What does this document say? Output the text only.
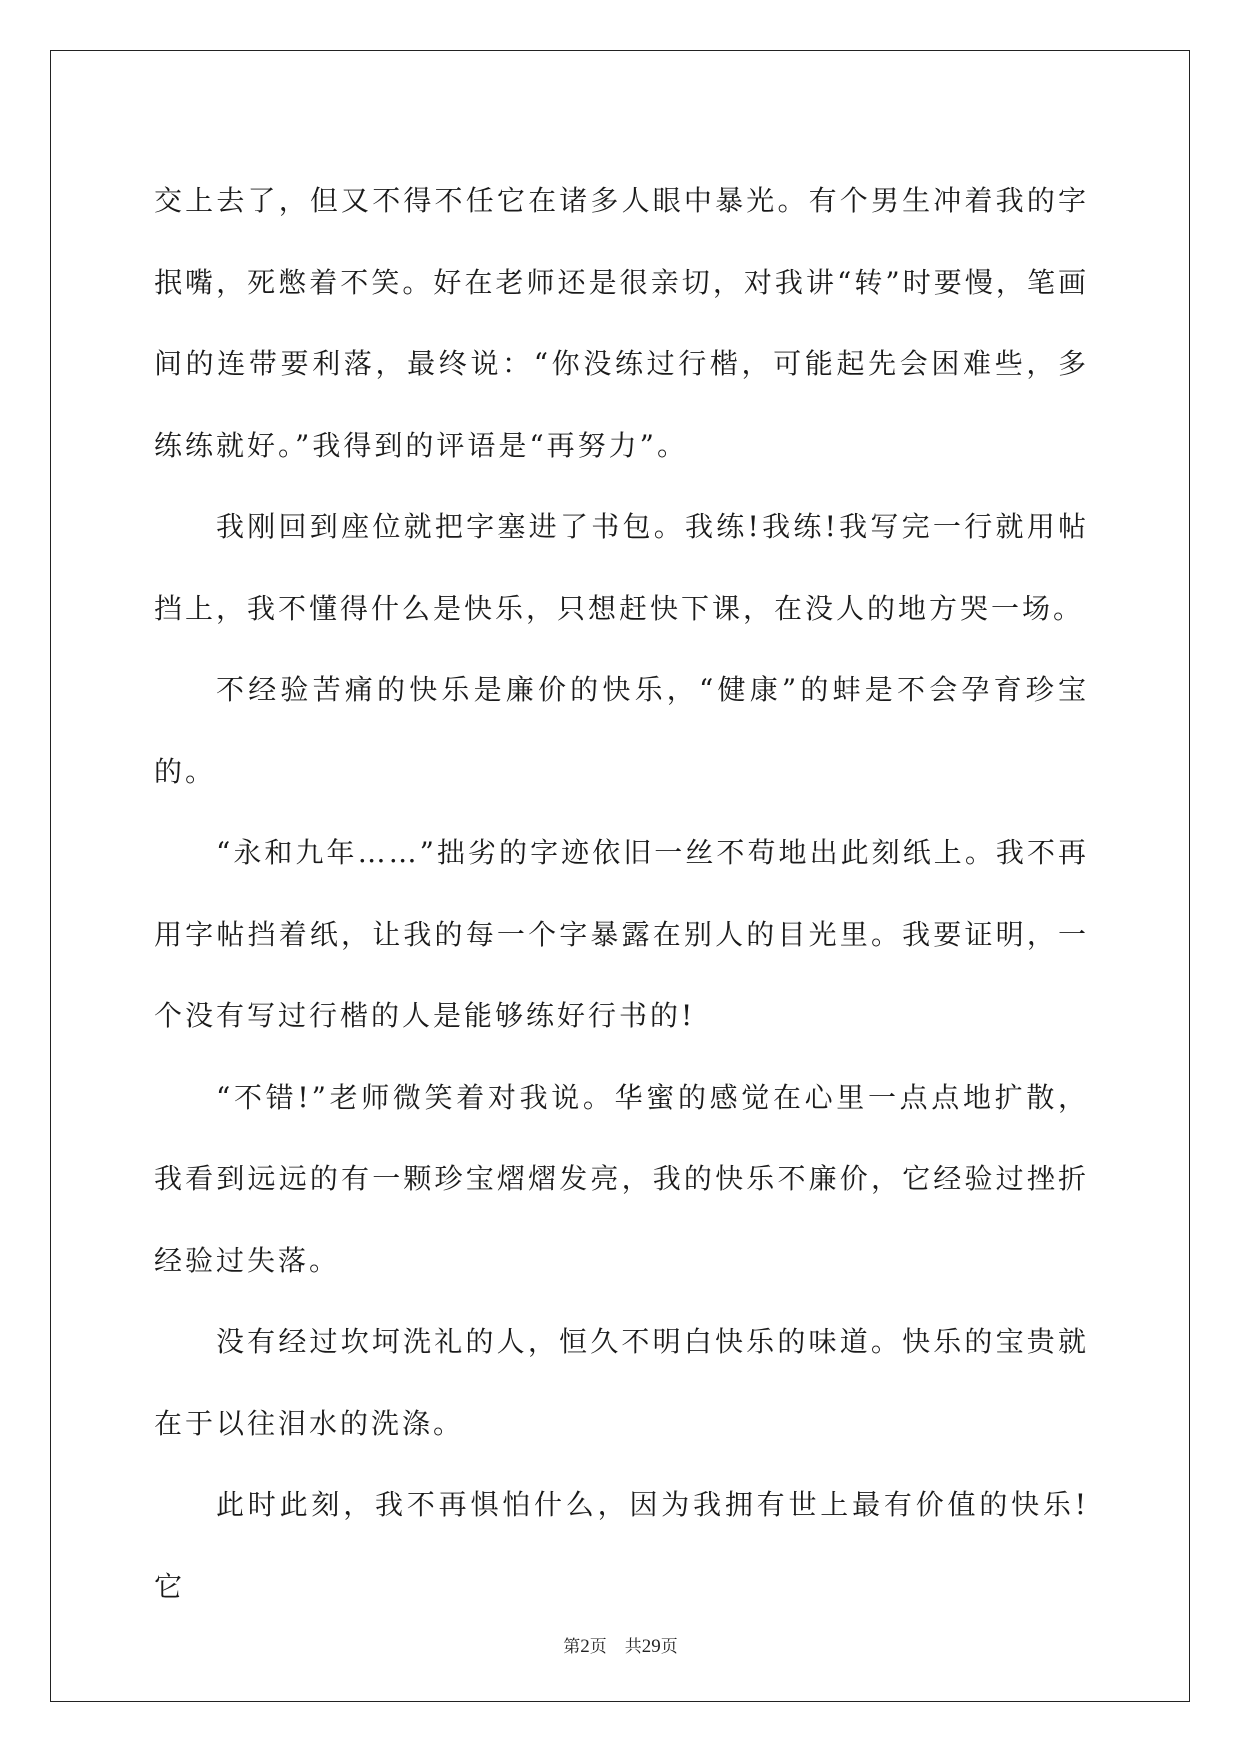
交上去了，但又不得不任它在诸多人眼中暴光。有个男生冲着我的字抿嘴，死憋着不笑。好在老师还是很亲切，对我讲“转”时要慢，笔画间的连带要利落，最终说：“你没练过行楷，可能起先会困难些，多练练就好。”我得到的评语是“再努力”。

我刚回到座位就把字塞进了书包。我练!我练!我写完一行就用帖挡上，我不懂得什么是快乐，只想赶快下课，在没人的地方哭一场。

不经验苦痛的快乐是廉价的快乐，“健康”的蚌是不会孕育珍宝的。

“永和九年……”拙劣的字迹依旧一丝不苟地出此刻纸上。我不再用字帖挡着纸，让我的每一个字暴露在别人的目光里。我要证明，一个没有写过行楷的人是能够练好行书的!

“不错!”老师微笑着对我说。华蜜的感觉在心里一点点地扩散，我看到远远的有一颗珍宝熠熠发亮，我的快乐不廉价，它经验过挫折经验过失落。

没有经过坎坷洗礼的人，恒久不明白快乐的味道。快乐的宝贵就在于以往泪水的洗涤。

此时此刻，我不再惧怕什么，因为我拥有世上最有价值的快乐!它

第2页 共29页
